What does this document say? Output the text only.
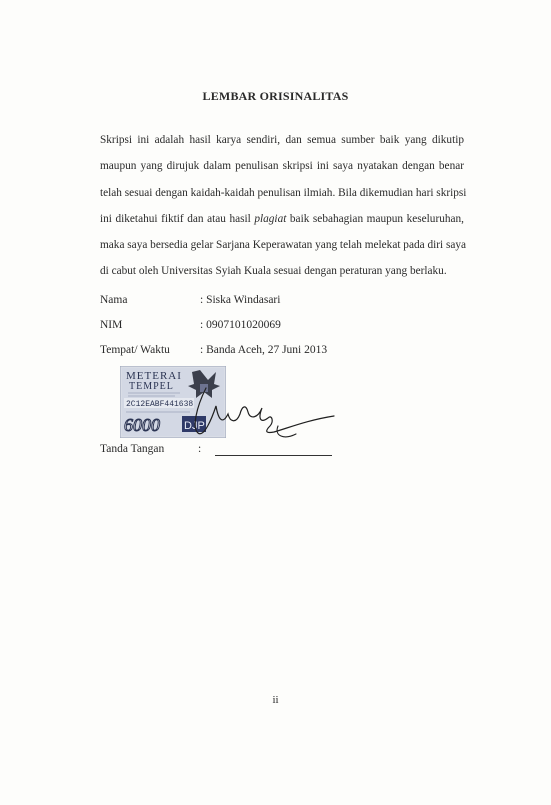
LEMBAR ORISINALITAS
Skripsi ini adalah hasil karya sendiri, dan semua sumber baik yang dikutip
maupun yang dirujuk dalam penulisan skripsi ini saya nyatakan dengan benar
telah sesuai dengan kaidah-kaidah penulisan ilmiah. Bila dikemudian hari skripsi
ini diketahui fiktif dan atau hasil plagiat baik sebahagian maupun keseluruhan,
maka saya bersedia gelar Sarjana Keperawatan yang telah melekat pada diri saya
di cabut oleh Universitas Syiah Kuala sesuai dengan peraturan yang berlaku.
Nama	: Siska Windasari
NIM	: 0907101020069
Tempat/ Waktu	: Banda Aceh, 27 Juni 2013
METERAI
TEMPEL
2C12EABF441638
6000 DJP
Tanda Tangan	:
ii
